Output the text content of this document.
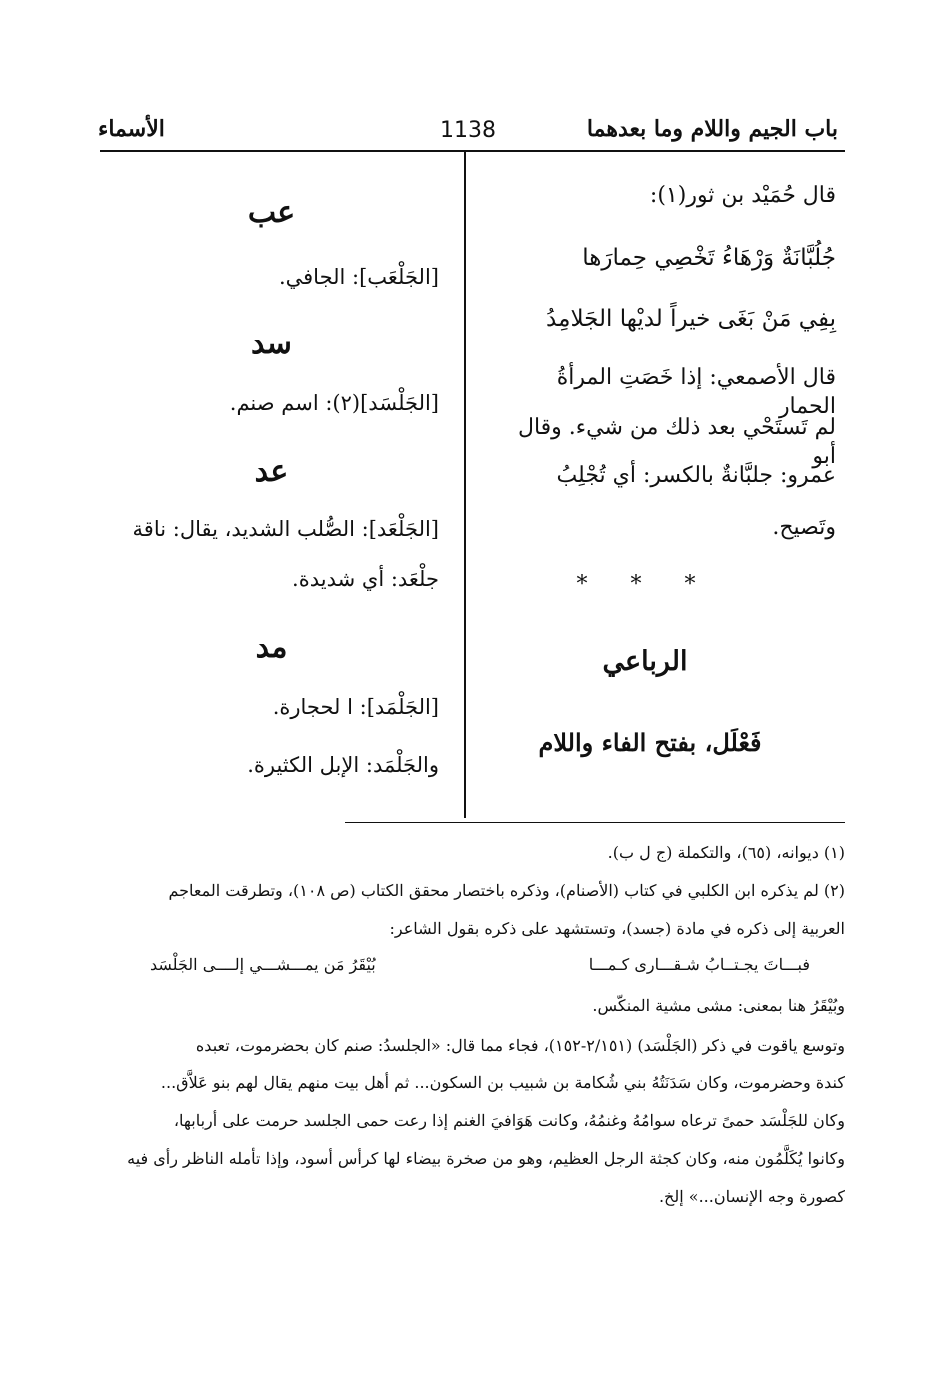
باب الجيم واللام وما بعدهما
1138
الأسماء
قال حُمَيْد بن ثور(١):
جُلُبَّانَةٌ وَرْهَاءُ تَخْصِي حِمارَها
بِفِي مَنْ بَغَى خيراً لديْها الجَلامِدُ
قال الأصمعي: إذا خَصَتِ المرأةُ الحمار
لم تَستَحْي بعد ذلك من شيء. وقال أبو
عمرو: جلبَّانةٌ بالكسر: أي تُجْلِبُ
وتَصيح.
* * *
الرباعي
فَعْلَل، بفتح الفاء واللام
عب
[الجَلْعَب]: الجافي.
سد
[الجَلْسَد](٢): اسم صنم.
عد
[الجَلْعَد]: الصُّلب الشديد، يقال: ناقة
جلْعَد: أي شديدة.
مد
[الجَلْمَد]: ا لحجارة.
والجَلْمَد: الإبل الكثيرة.
(١) ديوانه، (٦٥)، والتكملة (ج ل ب).
(٢) لم يذكره ابن الكلبي في كتاب (الأصنام)، وذكره باختصار محقق الكتاب (ص ١٠٨)، وتطرقت المعاجم
العربية إلى ذكره في مادة (جسد)، وتستشهد على ذكره بقول الشاعر:
فبـــاتَ يجـتــابُ شـقـــارى كـمـــا
بُيْقَرُ مَن يمـــشـــي إلــــى الجَلْسَد
وبُيْقَرُ هنا بمعنى: مشى مشية المنكّس.
وتوسع ياقوت في ذكر (الجَلْسَد) (٢/١٥١-١٥٢)، فجاء مما قال: «الجلسدُ: صنم كان بحضرموت، تعبده
كندة وحضرموت، وكان سَدَنَتُهُ بني شُكامة بن شبيب بن السكون... ثم أهل بيت منهم يقال لهم بنو عَلاَّق...
وكان للجَلْسَد حمىً ترعاه سوامُهُ وغنمُهُ، وكانت هَوَافيَ الغنم إذا رعت حمى الجلسد حرمت على أربابها،
وكانوا يُكَلَّمُون منه، وكان كجثة الرجل العظيم، وهو من صخرة بيضاء لها كرأس أسود، وإذا تأمله الناظر رأى فيه
كصورة وجه الإنسان...» إلخ.
